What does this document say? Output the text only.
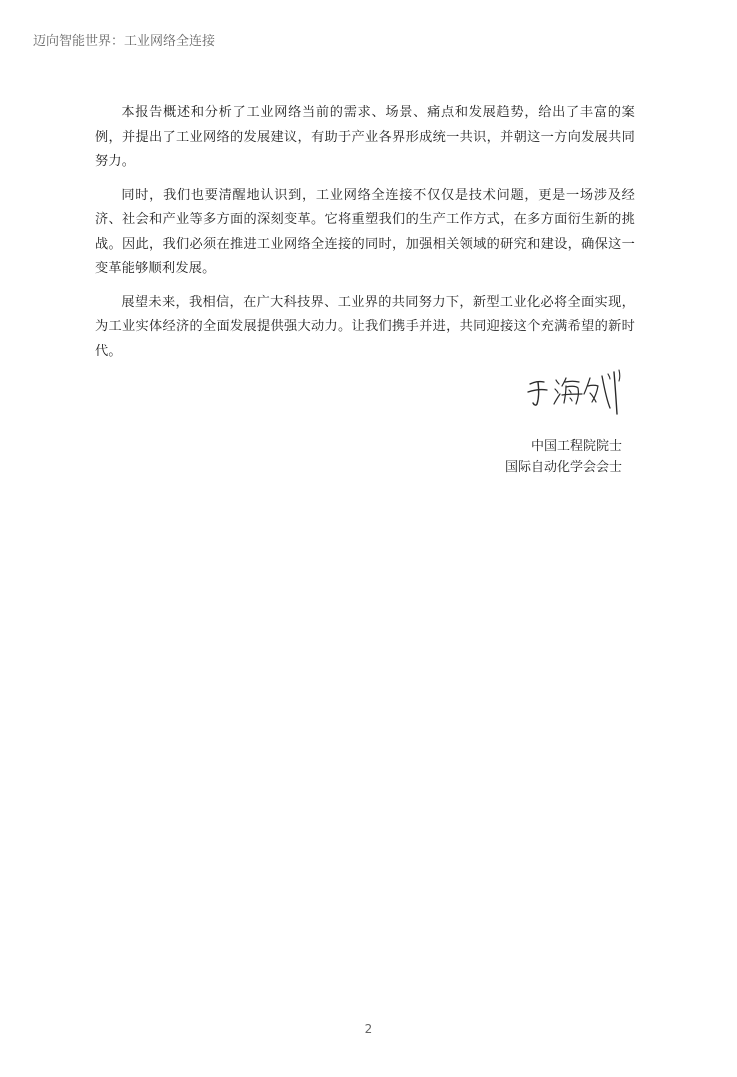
迈向智能世界：工业网络全连接

本报告概述和分析了工业网络当前的需求、场景、痛点和发展趋势，给出了丰富的案例，并提出了工业网络的发展建议，有助于产业各界形成统一共识，并朝这一方向发展共同努力。

同时，我们也要清醒地认识到，工业网络全连接不仅仅是技术问题，更是一场涉及经济、社会和产业等多方面的深刻变革。它将重塑我们的生产工作方式，在多方面衍生新的挑战。因此，我们必须在推进工业网络全连接的同时，加强相关领域的研究和建设，确保这一变革能够顺利发展。

展望未来，我相信，在广大科技界、工业界的共同努力下，新型工业化必将全面实现，为工业实体经济的全面发展提供强大动力。让我们携手并进，共同迎接这个充满希望的新时代。

中国工程院院士
国际自动化学会会士
2
